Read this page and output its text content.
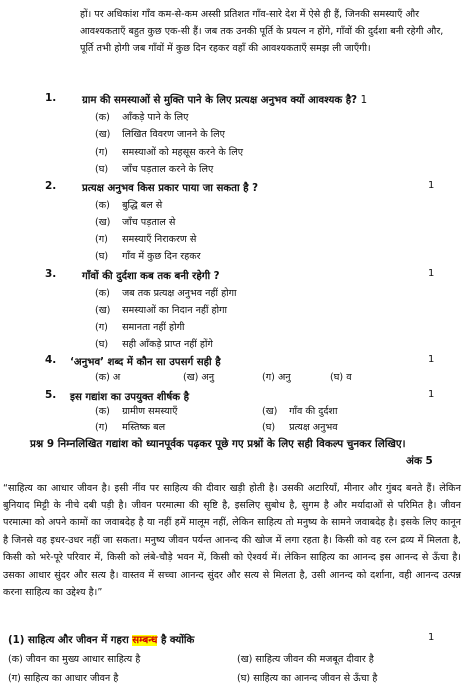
हों। पर अधिकांश गाँव कम-से-कम अस्सी प्रतिशत गाँव-सारे देश में ऐसे ही हैं, जिनकी समस्याएँ और आवश्यकताएँ बहुत कुछ एक-सी हैं। जब तक उनकी पूर्ति के प्रयत्न न होंगे, गाँवों की दुर्दशा बनी रहेगी और, पूर्ति तभी होगी जब गाँवों में कुछ दिन रहकर वहाँ की आवश्यकताएँ समझ ली जाएँगी।

1.	ग्राम की समस्याओं से मुक्ति पाने के लिए प्रत्यक्ष अनुभव क्यों आवश्यक है? 1
(क) आँकड़े पाने के लिए
(ख) लिखित विवरण जानने के लिए
(ग) समस्याओं को महसूस करने के लिए
(घ) जाँच पड़ताल करने के लिए
2.	प्रत्यक्ष अनुभव किस प्रकार पाया जा सकता है ?	1
(क) बुद्धि बल से
(ख) जाँच पड़ताल से
(ग) समस्याएँ निराकरण से
(घ) गाँव में कुछ दिन रहकर
3.	गाँवों की दुर्दशा कब तक बनी रहेगी ?	1
(क) जब तक प्रत्यक्ष अनुभव नहीं होगा
(ख) समस्याओं का निदान नहीं होगा
(ग) समानता नहीं होगी
(घ) सही आँकड़े प्राप्त नहीं होंगे
4. ‘अनुभव’ शब्द में कौन सा उपसर्ग सही है	1
(क) अ	(ख) अनु	(ग) अनु	(घ) व
5. इस गद्यांश का उपयुक्त शीर्षक है	1
(क) ग्रामीण समस्याएँ	(ख) गाँव की दुर्दशा
(ग) मस्तिष्क बल	(घ) प्रत्यक्ष अनुभव
प्रश्न 9 निम्नलिखित गद्यांश को ध्यानपूर्वक पढ़कर पूछे गए प्रश्नों के लिए सही विकल्प चुनकर लिखिए।
अंक 5

“साहित्य का आधार जीवन है। इसी नींव पर साहित्य की दीवार खड़ी होती है। उसकी अटारियाँ, मीनार और गुंबद बनते हैं। लेकिन बुनियाद मिट्टी के नीचे दबी पड़ी है। जीवन परमात्मा की सृष्टि है, इसलिए सुबोध है, सुगम है और मर्यादाओं से परिमित है। जीवन परमात्मा को अपने कामों का जवाबदेह है या नहीं हमें मालूम नहीं, लेकिन साहित्य तो मनुष्य के सामने जवाबदेह है। इसके लिए कानून है जिनसे वह इधर-उधर नहीं जा सकता। मनुष्य जीवन पर्यन्त आनन्द की खोज में लगा रहता है। किसी को वह रत्न द्रव्य में मिलता है, किसी को भरे-पूरे परिवार में, किसी को लंबे-चौड़े भवन में, किसी को ऐश्वर्य में। लेकिन साहित्य का आनन्द इस आनन्द से ऊँचा है। उसका आधार सुंदर और सत्य है। वास्तव में सच्चा आनन्द सुंदर और सत्य से मिलता है, उसी आनन्द को दर्शाना, वही आनन्द उत्पन्न करना साहित्य का उद्देश्य है।”

(1) साहित्य और जीवन में गहरा सम्बन्ध है क्योंकि	1
(क) जीवन का मुख्य आधार साहित्य है	(ख) साहित्य जीवन की मजबूत दीवार है
(ग) साहित्य का आधार जीवन है	(घ) साहित्य का आनन्द जीवन से ऊँचा है
